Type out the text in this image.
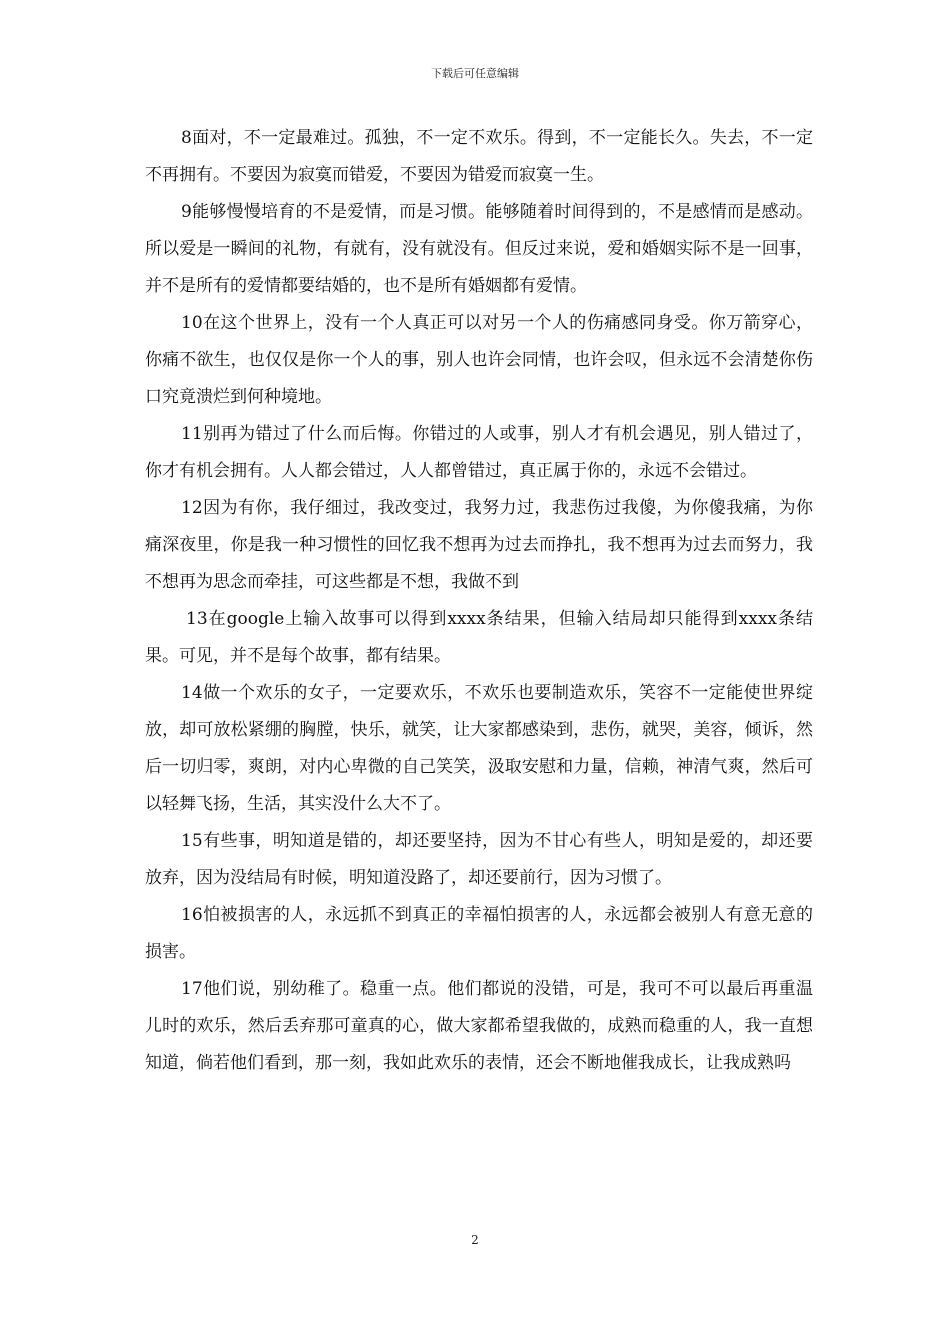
下载后可任意编辑

8面对，不一定最难过。孤独，不一定不欢乐。得到，不一定能长久。失去，不一定不再拥有。不要因为寂寞而错爱，不要因为错爱而寂寞一生。

9能够慢慢培育的不是爱情，而是习惯。能够随着时间得到的，不是感情而是感动。所以爱是一瞬间的礼物，有就有，没有就没有。但反过来说，爱和婚姻实际不是一回事，并不是所有的爱情都要结婚的，也不是所有婚姻都有爱情。

10在这个世界上，没有一个人真正可以对另一个人的伤痛感同身受。你万箭穿心，你痛不欲生，也仅仅是你一个人的事，别人也许会同情，也许会叹，但永远不会清楚你伤口究竟溃烂到何种境地。

11别再为错过了什么而后悔。你错过的人或事，别人才有机会遇见，别人错过了，你才有机会拥有。人人都会错过，人人都曾错过，真正属于你的，永远不会错过。

12因为有你，我仔细过，我改变过，我努力过，我悲伤过我傻，为你傻我痛，为你痛深夜里，你是我一种习惯性的回忆我不想再为过去而挣扎，我不想再为过去而努力，我不想再为思念而牵挂，可这些都是不想，我做不到

13在google上输入故事可以得到xxxx条结果，但输入结局却只能得到xxxx条结果。可见，并不是每个故事，都有结果。

14做一个欢乐的女子，一定要欢乐，不欢乐也要制造欢乐，笑容不一定能使世界绽放，却可放松紧绷的胸膛，快乐，就笑，让大家都感染到，悲伤，就哭，美容，倾诉，然后一切归零，爽朗，对内心卑微的自己笑笑，汲取安慰和力量，信赖，神清气爽，然后可以轻舞飞扬，生活，其实没什么大不了。

15有些事，明知道是错的，却还要坚持，因为不甘心有些人，明知是爱的，却还要放弃，因为没结局有时候，明知道没路了，却还要前行，因为习惯了。

16怕被损害的人，永远抓不到真正的幸福怕损害的人，永远都会被别人有意无意的损害。

17他们说，别幼稚了。稳重一点。他们都说的没错，可是，我可不可以最后再重温儿时的欢乐，然后丢弃那可童真的心，做大家都希望我做的，成熟而稳重的人，我一直想知道，倘若他们看到，那一刻，我如此欢乐的表情，还会不断地催我成长，让我成熟吗

2
